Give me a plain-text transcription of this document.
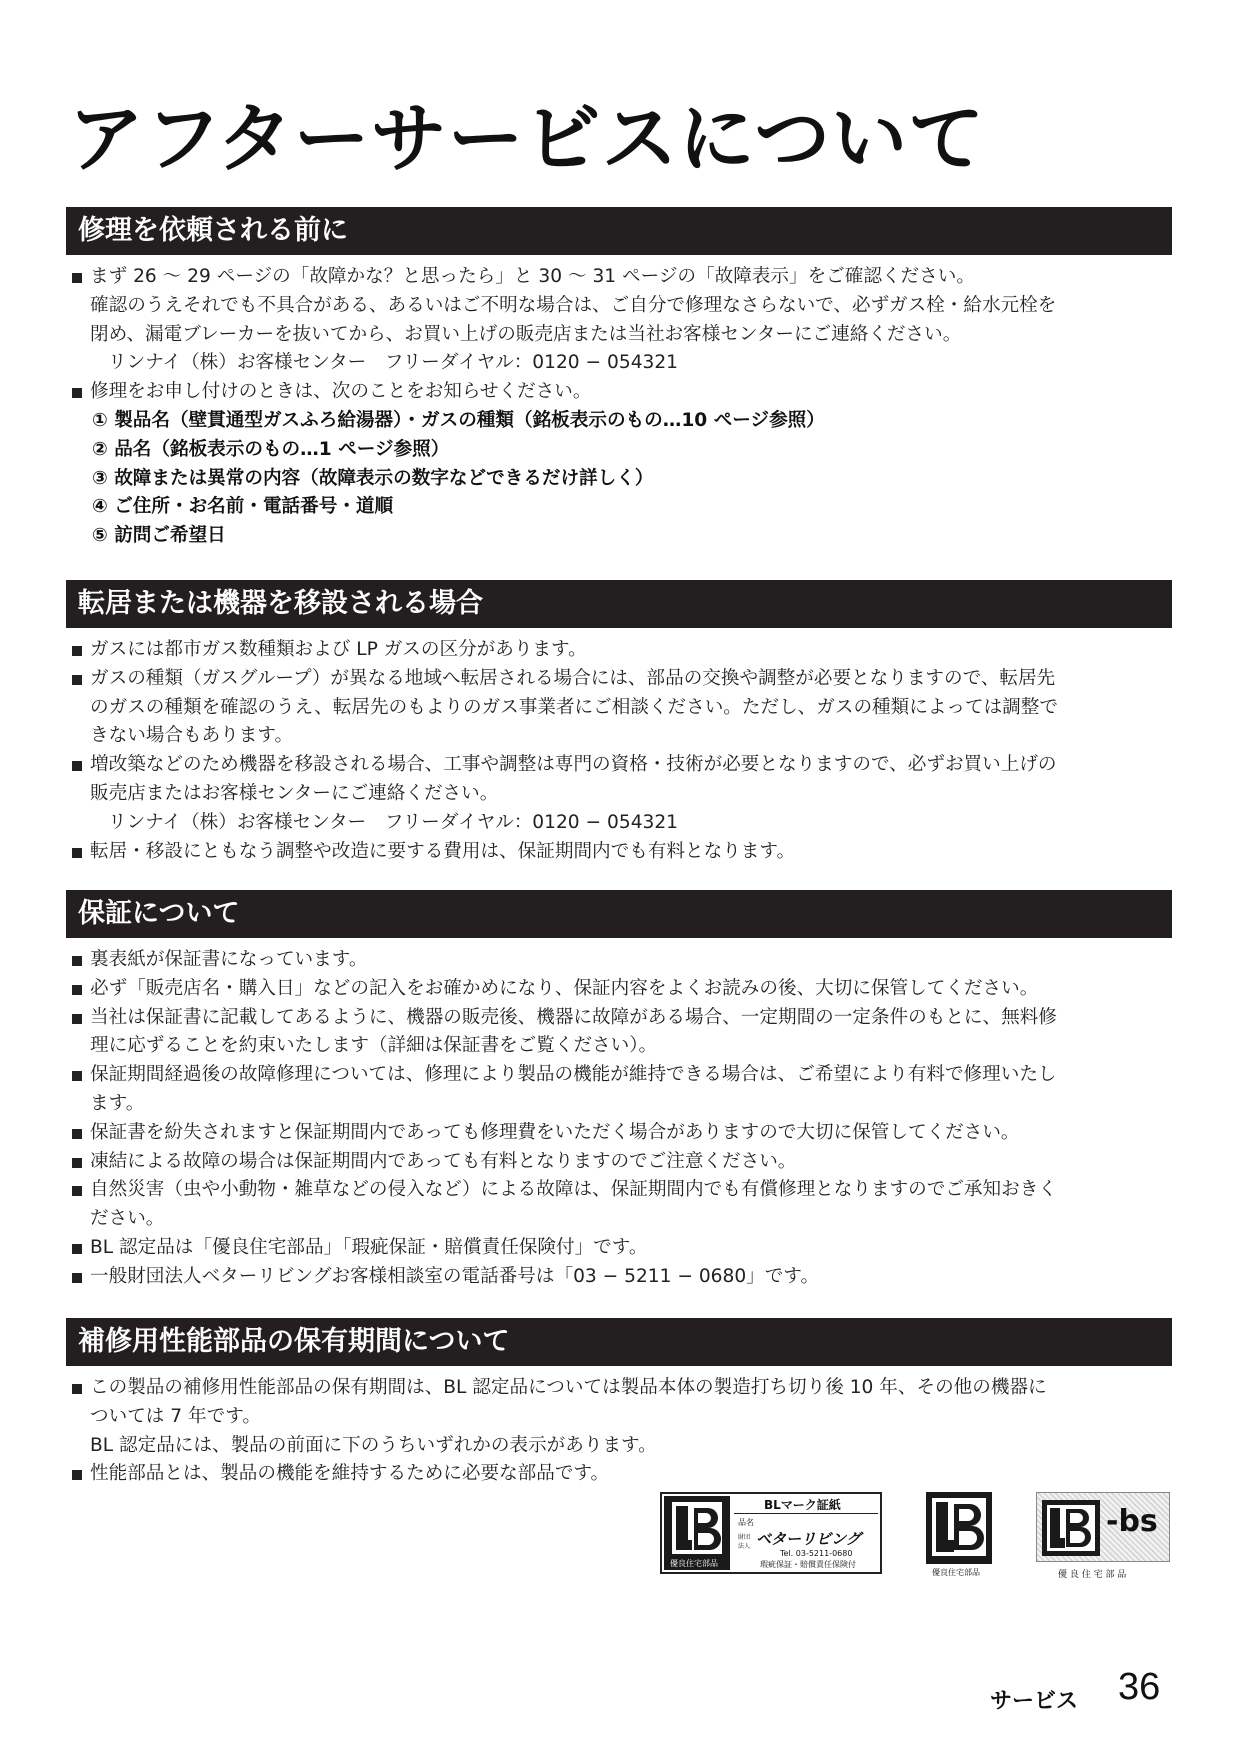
アフターサービスについて
修理を依頼される前に
まず 26 ～ 29 ページの「故障かな？と思ったら」と 30 ～ 31 ページの「故障表示」をご確認ください。
確認のうえそれでも不具合がある、あるいはご不明な場合は、ご自分で修理なさらないで、必ずガス栓・給水元栓を
閉め、漏電ブレーカーを抜いてから、お買い上げの販売店または当社お客様センターにご連絡ください。
リンナイ（株）お客様センター　フリーダイヤル：0120 − 054321
修理をお申し付けのときは、次のことをお知らせください。
① 製品名（壁貫通型ガスふろ給湯器）・ガスの種類（銘板表示のもの…10 ページ参照）
② 品名（銘板表示のもの…1 ページ参照）
③ 故障または異常の内容（故障表示の数字などできるだけ詳しく）
④ ご住所・お名前・電話番号・道順
⑤ 訪問ご希望日
転居または機器を移設される場合
ガスには都市ガス数種類および LP ガスの区分があります。
ガスの種類（ガスグループ）が異なる地域へ転居される場合には、部品の交換や調整が必要となりますので、転居先
のガスの種類を確認のうえ、転居先のもよりのガス事業者にご相談ください。ただし、ガスの種類によっては調整で
きない場合もあります。
増改築などのため機器を移設される場合、工事や調整は専門の資格・技術が必要となりますので、必ずお買い上げの
販売店またはお客様センターにご連絡ください。
リンナイ（株）お客様センター　フリーダイヤル：0120 − 054321
転居・移設にともなう調整や改造に要する費用は、保証期間内でも有料となります。
保証について
裏表紙が保証書になっています。
必ず「販売店名・購入日」などの記入をお確かめになり、保証内容をよくお読みの後、大切に保管してください。
当社は保証書に記載してあるように、機器の販売後、機器に故障がある場合、一定期間の一定条件のもとに、無料修
理に応ずることを約束いたします（詳細は保証書をご覧ください）。
保証期間経過後の故障修理については、修理により製品の機能が維持できる場合は、ご希望により有料で修理いたし
ます。
保証書を紛失されますと保証期間内であっても修理費をいただく場合がありますので大切に保管してください。
凍結による故障の場合は保証期間内であっても有料となりますのでご注意ください。
自然災害（虫や小動物・雑草などの侵入など）による故障は、保証期間内でも有償修理となりますのでご承知おきく
ださい。
BL 認定品は「優良住宅部品」「瑕疵保証・賠償責任保険付」です。
一般財団法人ベターリビングお客様相談室の電話番号は「03 − 5211 − 0680」です。
補修用性能部品の保有期間について
この製品の補修用性能部品の保有期間は、BL 認定品については製品本体の製造打ち切り後 10 年、その他の機器に
ついては 7 年です。
BL 認定品には、製品の前面に下のうちいずれかの表示があります。
性能部品とは、製品の機能を維持するために必要な部品です。
優良住宅部品
BLマーク証紙
品名
財団法人 ベターリビング
Tel. 03-5211-0680
瑕疵保証・賠償責任保険付
優良住宅部品
-bs
優 良 住 宅 部 品
サービス 36
